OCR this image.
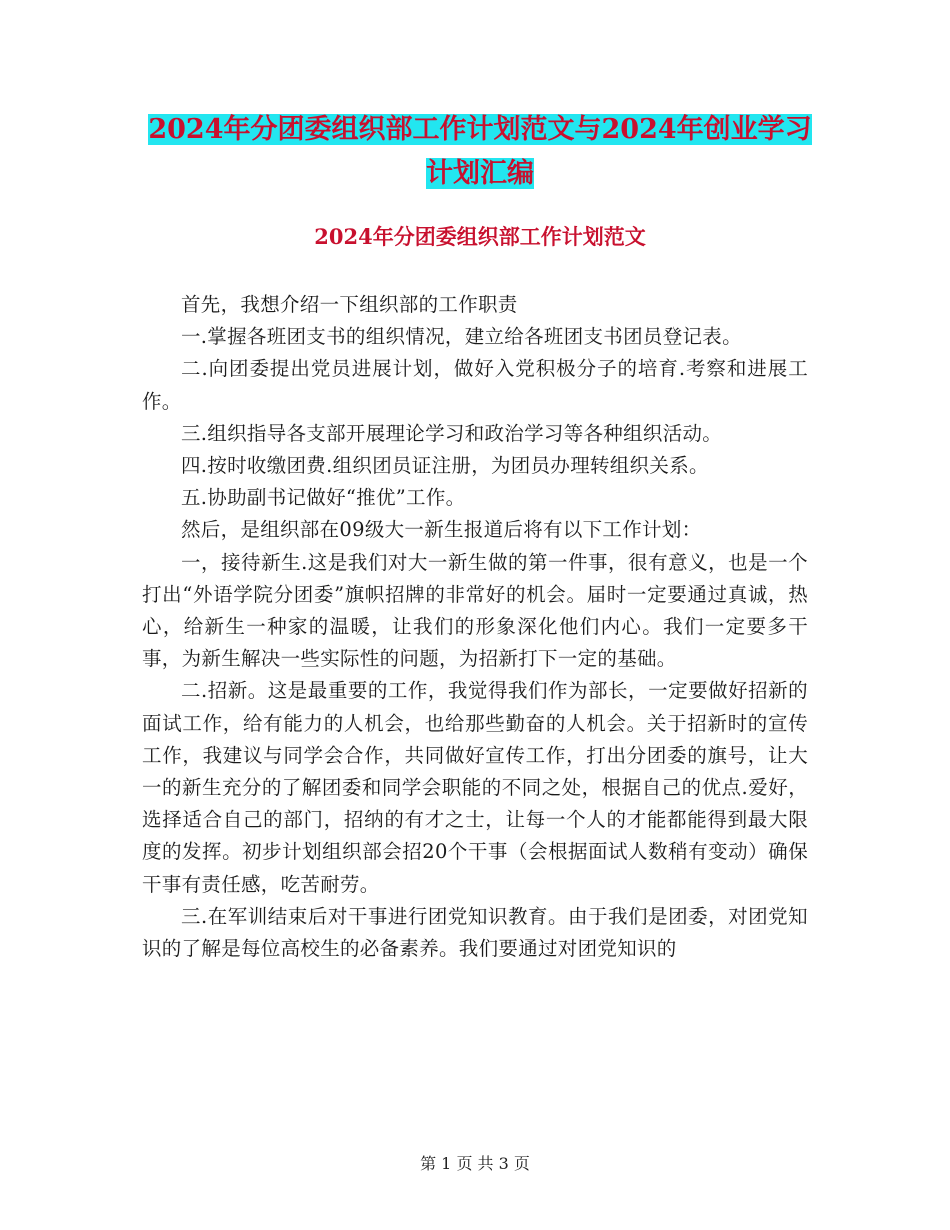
2024年分团委组织部工作计划范文与2024年创业学习
计划汇编
2024年分团委组织部工作计划范文

首先，我想介绍一下组织部的工作职责

一.掌握各班团支书的组织情况，建立给各班团支书团员登记表。

二.向团委提出党员进展计划，做好入党积极分子的培育.考察和进展工作。

三.组织指导各支部开展理论学习和政治学习等各种组织活动。

四.按时收缴团费.组织团员证注册，为团员办理转组织关系。

五.协助副书记做好“推优”工作。

然后，是组织部在09级大一新生报道后将有以下工作计划：

一，接待新生.这是我们对大一新生做的第一件事，很有意义，也是一个打出“外语学院分团委”旗帜招牌的非常好的机会。届时一定要通过真诚，热心，给新生一种家的温暖，让我们的形象深化他们内心。我们一定要多干事，为新生解决一些实际性的问题，为招新打下一定的基础。

二.招新。这是最重要的工作，我觉得我们作为部长，一定要做好招新的面试工作，给有能力的人机会，也给那些勤奋的人机会。关于招新时的宣传工作，我建议与同学会合作，共同做好宣传工作，打出分团委的旗号，让大一的新生充分的了解团委和同学会职能的不同之处，根据自己的优点.爱好，选择适合自己的部门，招纳的有才之士，让每一个人的才能都能得到最大限度的发挥。初步计划组织部会招20个干事（会根据面试人数稍有变动）确保干事有责任感，吃苦耐劳。

三.在军训结束后对干事进行团党知识教育。由于我们是团委，对团党知识的了解是每位高校生的必备素养。我们要通过对团党知识的

第 1 页 共 3 页
